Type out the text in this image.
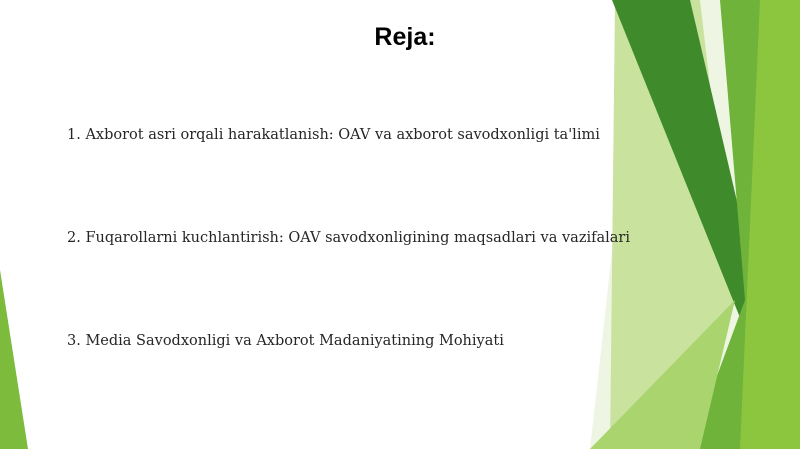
Reja:

1. Axborot asri orqali harakatlanish: OAV va axborot savodxonligi ta'limi

2. Fuqarollarni kuchlantirish: OAV savodxonligining maqsadlari va vazifalari

3. Media Savodxonligi va Axborot Madaniyatining Mohiyati
